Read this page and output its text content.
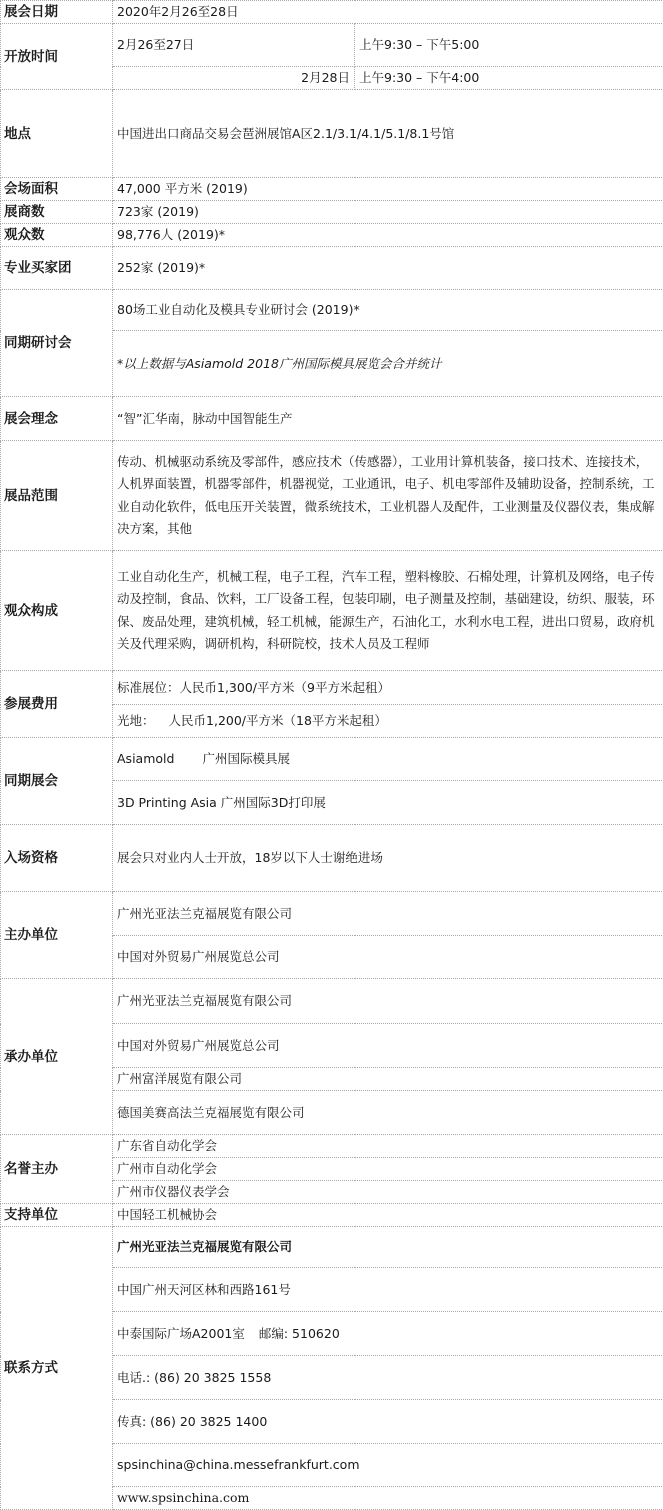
展会日期	2020年2月26至28日	
开放时间	2月26至27日	上午9:30 – 下午5:00
	2月28日	上午9:30 – 下午4:00
地点	中国进出口商品交易会琶洲展馆A区2.1/3.1/4.1/5.1/8.1号馆	
会场面积	47,000 平方米 (2019)	
展商数	723家 (2019)	
观众数	98,776人 (2019)*	
专业买家团	252家 (2019)*	
同期研讨会	80场工业自动化及模具专业研讨会 (2019)*	
	*以上数据与Asiamold 2018广州国际模具展览会合并统计	
展会理念	“智”汇华南，脉动中国智能生产	
展品范围	传动、机械驱动系统及零部件，感应技术（传感器），工业用计算机装备，接口技术、连接技术，人机界面装置，机器零部件，机器视觉，工业通讯，电子、机电零部件及辅助设备，控制系统，工业自动化软件，低电压开关装置，微系统技术，工业机器人及配件，工业测量及仪器仪表，集成解决方案，其他	
观众构成	工业自动化生产，机械工程，电子工程，汽车工程，塑料橡胶、石棉处理，计算机及网络，电子传动及控制，食品、饮料，工厂设备工程，包装印刷，电子测量及控制，基础建设，纺织、服装，环保、废品处理，建筑机械，轻工机械，能源生产，石油化工，水利水电工程，进出口贸易，政府机关及代理采购，调研机构，科研院校，技术人员及工程师	
参展费用	标准展位：人民币1,300/平方米（9平方米起租）	
	光地： 人民币1,200/平方米（18平方米起租）	
同期展会	Asiamold 广州国际模具展	
	3D Printing Asia 广州国际3D打印展	
入场资格	展会只对业内人士开放，18岁以下人士谢绝进场	
主办单位	广州光亚法兰克福展览有限公司	
	中国对外贸易广州展览总公司	
承办单位	广州光亚法兰克福展览有限公司	
	中国对外贸易广州展览总公司	
	广州富洋展览有限公司	
	德国美赛高法兰克福展览有限公司	
名誉主办	广东省自动化学会	
	广州市自动化学会	
	广州市仪器仪表学会	
支持单位	中国轻工机械协会	
联系方式	广州光亚法兰克福展览有限公司	
	中国广州天河区林和西路161号	
	中泰国际广场A2001室 邮编: 510620	
	电话.: (86) 20 3825 1558	
	传真: (86) 20 3825 1400	
	spsinchina@china.messefrankfurt.com	
	www.spsinchina.com	
